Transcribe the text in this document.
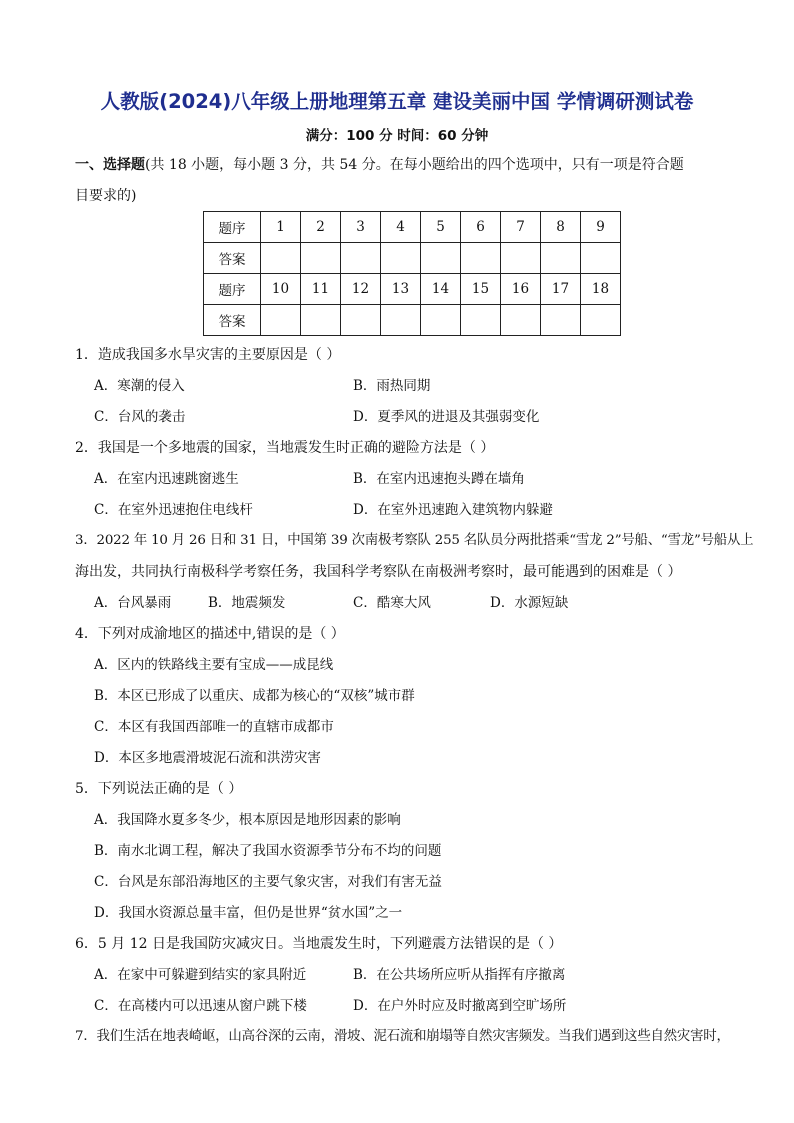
人教版(2024)八年级上册地理第五章 建设美丽中国 学情调研测试卷
满分：100 分 时间：60 分钟
一、选择题(共 18 小题，每小题 3 分，共 54 分。在每小题给出的四个选项中，只有一项是符合题
目要求的)
题序	1	2	3	4	5	6	7	8	9
答案									
题序	10	11	12	13	14	15	16	17	18
答案									
1．造成我国多水旱灾害的主要原因是（ ）
A．寒潮的侵入	B．雨热同期
C．台风的袭击	D．夏季风的进退及其强弱变化
2．我国是一个多地震的国家，当地震发生时正确的避险方法是（ ）
A．在室内迅速跳窗逃生	B．在室内迅速抱头蹲在墙角
C．在室外迅速抱住电线杆	D．在室外迅速跑入建筑物内躲避
3．2022 年 10 月 26 日和 31 日，中国第 39 次南极考察队 255 名队员分两批搭乘“雪龙 2”号船、“雪龙”号船从上
海出发，共同执行南极科学考察任务，我国科学考察队在南极洲考察时，最可能遇到的困难是（ ）
A．台风暴雨	B．地震频发	C．酷寒大风	D．水源短缺
4．下列对成渝地区的描述中,错误的是（ ）
A．区内的铁路线主要有宝成——成昆线
B．本区已形成了以重庆、成都为核心的“双核”城市群
C．本区有我国西部唯一的直辖市成都市
D．本区多地震滑坡泥石流和洪涝灾害
5．下列说法正确的是（ ）
A．我国降水夏多冬少，根本原因是地形因素的影响
B．南水北调工程，解决了我国水资源季节分布不均的问题
C．台风是东部沿海地区的主要气象灾害，对我们有害无益
D．我国水资源总量丰富，但仍是世界“贫水国”之一
6．5 月 12 日是我国防灾减灾日。当地震发生时，下列避震方法错误的是（ ）
A．在家中可躲避到结实的家具附近	B．在公共场所应听从指挥有序撤离
C．在高楼内可以迅速从窗户跳下楼	D．在户外时应及时撤离到空旷场所
7．我们生活在地表崎岖，山高谷深的云南，滑坡、泥石流和崩塌等自然灾害频发。当我们遇到这些自然灾害时，
